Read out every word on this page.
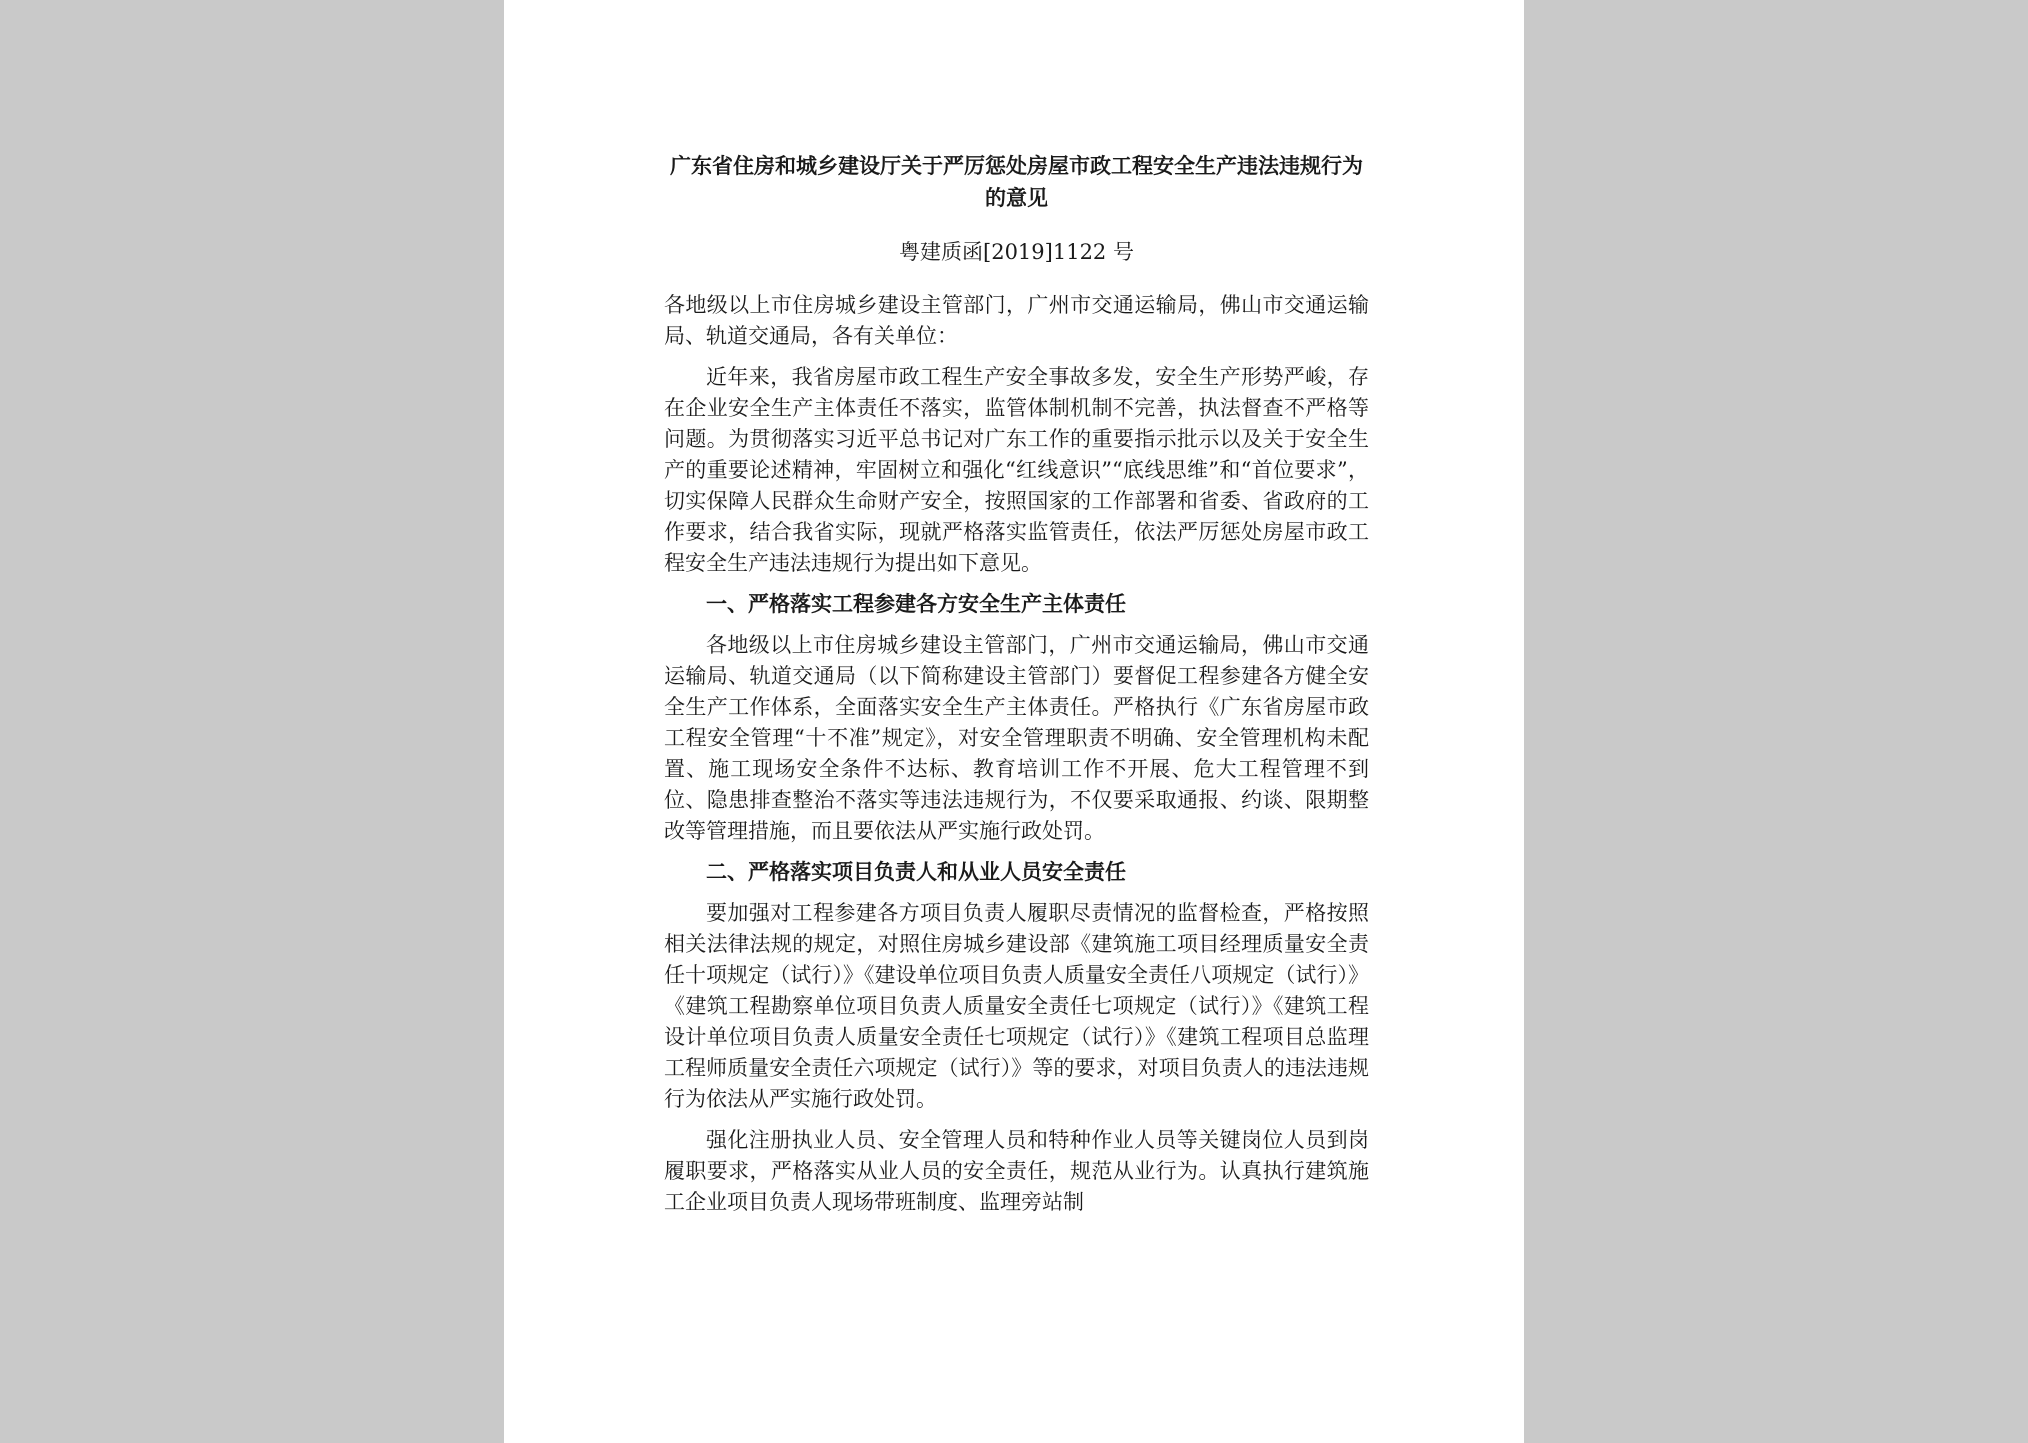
广东省住房和城乡建设厅关于严厉惩处房屋市政工程安全生产违法违规行为的意见
粤建质函[2019]1122 号

各地级以上市住房城乡建设主管部门，广州市交通运输局，佛山市交通运输局、轨道交通局，各有关单位：

近年来，我省房屋市政工程生产安全事故多发，安全生产形势严峻，存在企业安全生产主体责任不落实，监管体制机制不完善，执法督查不严格等问题。为贯彻落实习近平总书记对广东工作的重要指示批示以及关于安全生产的重要论述精神，牢固树立和强化“红线意识”“底线思维”和“首位要求”，切实保障人民群众生命财产安全，按照国家的工作部署和省委、省政府的工作要求，结合我省实际，现就严格落实监管责任，依法严厉惩处房屋市政工程安全生产违法违规行为提出如下意见。

一、严格落实工程参建各方安全生产主体责任

各地级以上市住房城乡建设主管部门，广州市交通运输局，佛山市交通运输局、轨道交通局（以下简称建设主管部门）要督促工程参建各方健全安全生产工作体系，全面落实安全生产主体责任。严格执行《广东省房屋市政工程安全管理“十不准”规定》，对安全管理职责不明确、安全管理机构未配置、施工现场安全条件不达标、教育培训工作不开展、危大工程管理不到位、隐患排查整治不落实等违法违规行为，不仅要采取通报、约谈、限期整改等管理措施，而且要依法从严实施行政处罚。

二、严格落实项目负责人和从业人员安全责任

要加强对工程参建各方项目负责人履职尽责情况的监督检查，严格按照相关法律法规的规定，对照住房城乡建设部《建筑施工项目经理质量安全责任十项规定（试行）》《建设单位项目负责人质量安全责任八项规定（试行）》《建筑工程勘察单位项目负责人质量安全责任七项规定（试行）》《建筑工程设计单位项目负责人质量安全责任七项规定（试行）》《建筑工程项目总监理工程师质量安全责任六项规定（试行）》等的要求，对项目负责人的违法违规行为依法从严实施行政处罚。

强化注册执业人员、安全管理人员和特种作业人员等关键岗位人员到岗履职要求，严格落实从业人员的安全责任，规范从业行为。认真执行建筑施工企业项目负责人现场带班制度、监理旁站制
